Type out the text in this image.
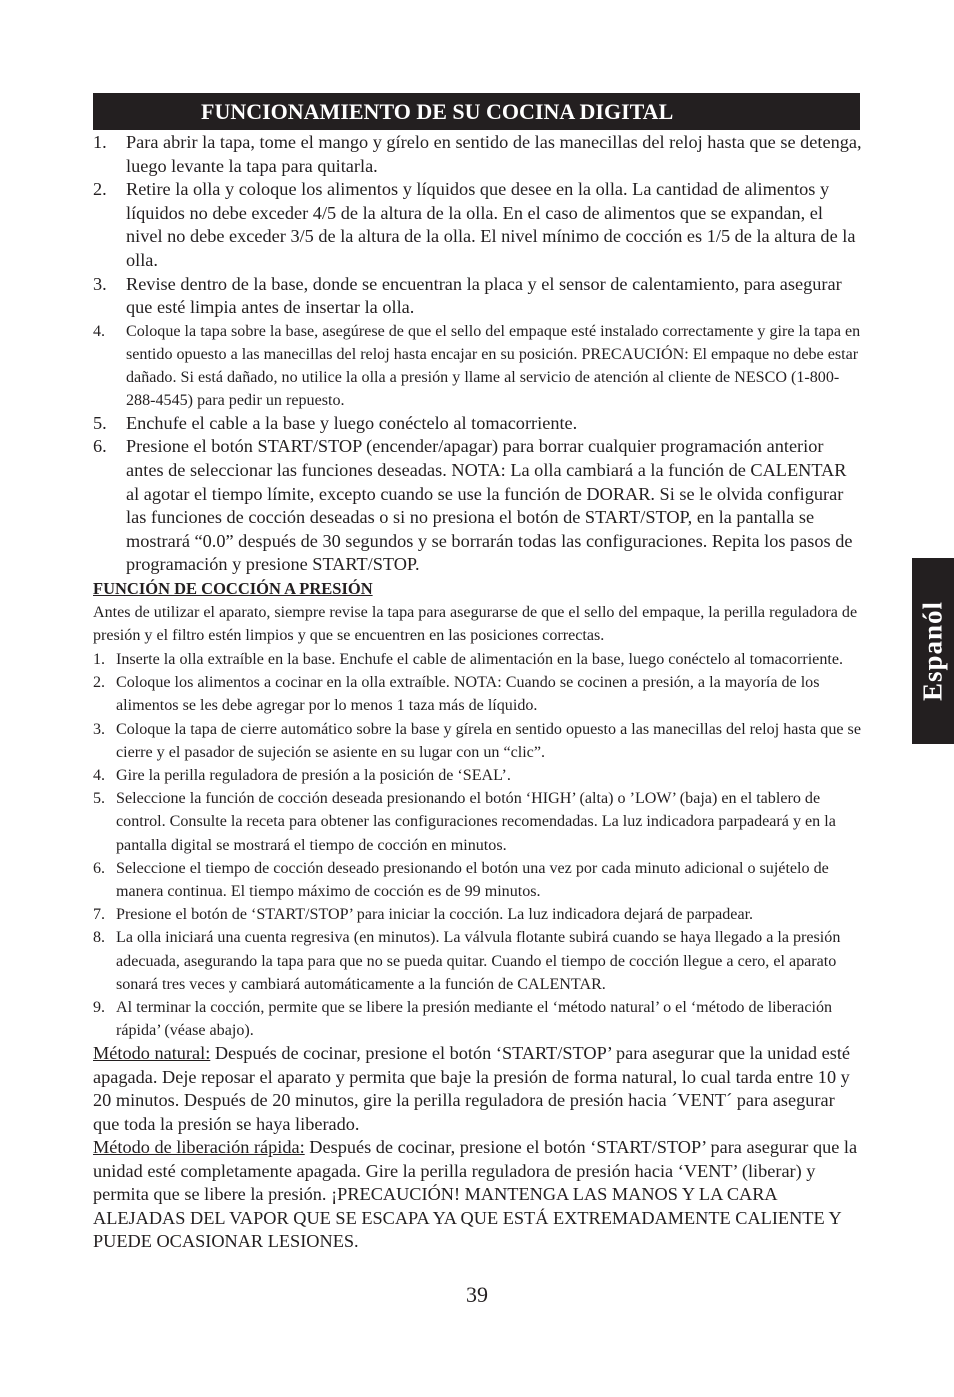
FUNCIONAMIENTO DE SU COCINA DIGITAL
Espanól
1. Para abrir la tapa, tome el mango y gírelo en sentido de las manecillas del reloj hasta que se detenga, luego levante la tapa para quitarla.
2. Retire la olla y coloque los alimentos y líquidos que desee en la olla. La cantidad de alimentos y líquidos no debe exceder 4/5 de la altura de la olla. En el caso de alimentos que se expandan, el nivel no debe exceder 3/5 de la altura de la olla. El nivel mínimo de cocción es 1/5 de la altura de la olla.
3. Revise dentro de la base, donde se encuentran la placa y el sensor de calentamiento, para asegurar que esté limpia antes de insertar la olla.
4. Coloque la tapa sobre la base, asegúrese de que el sello del empaque esté instalado correctamente y gire la tapa en sentido opuesto a las manecillas del reloj hasta encajar en su posición. PRECAUCIÓN: El empaque no debe estar dañado. Si está dañado, no utilice la olla a presión y llame al servicio de atención al cliente de NESCO (1-800-288-4545) para pedir un repuesto.
5. Enchufe el cable a la base y luego conéctelo al tomacorriente.
6. Presione el botón START/STOP (encender/apagar) para borrar cualquier programación anterior antes de seleccionar las funciones deseadas. NOTA: La olla cambiará a la función de CALENTAR al agotar el tiempo límite, excepto cuando se use la función de DORAR. Si se le olvida configurar las funciones de cocción deseadas o si no presiona el botón de START/STOP, en la pantalla se mostrará “0.0” después de 30 segundos y se borrarán todas las configuraciones. Repita los pasos de programación y presione START/STOP.
FUNCIÓN DE COCCIÓN A PRESIÓN
Antes de utilizar el aparato, siempre revise la tapa para asegurarse de que el sello del empaque, la perilla reguladora de presión y el filtro estén limpios y que se encuentren en las posiciones correctas.
1. Inserte la olla extraíble en la base. Enchufe el cable de alimentación en la base, luego conéctelo al tomacorriente.
2. Coloque los alimentos a cocinar en la olla extraíble. NOTA: Cuando se cocinen a presión, a la mayoría de los alimentos se les debe agregar por lo menos 1 taza más de líquido.
3. Coloque la tapa de cierre automático sobre la base y gírela en sentido opuesto a las manecillas del reloj hasta que se cierre y el pasador de sujeción se asiente en su lugar con un “clic”.
4. Gire la perilla reguladora de presión a la posición de ‘SEAL’.
5. Seleccione la función de cocción deseada presionando el botón ‘HIGH’ (alta) o ’LOW’ (baja) en el tablero de control. Consulte la receta para obtener las configuraciones recomendadas. La luz indicadora parpadeará y en la pantalla digital se mostrará el tiempo de cocción en minutos.
6. Seleccione el tiempo de cocción deseado presionando el botón una vez por cada minuto adicional o sujételo de manera continua. El tiempo máximo de cocción es de 99 minutos.
7. Presione el botón de ‘START/STOP’ para iniciar la cocción. La luz indicadora dejará de parpadear.
8. La olla iniciará una cuenta regresiva (en minutos). La válvula flotante subirá cuando se haya llegado a la presión adecuada, asegurando la tapa para que no se pueda quitar. Cuando el tiempo de cocción llegue a cero, el aparato sonará tres veces y cambiará automáticamente a la función de CALENTAR.
9. Al terminar la cocción, permite que se libere la presión mediante el ‘método natural’ o el ‘método de liberación rápida’ (véase abajo).
Método natural: Después de cocinar, presione el botón ‘START/STOP’ para asegurar que la unidad esté apagada. Deje reposar el aparato y permita que baje la presión de forma natural, lo cual tarda entre 10 y 20 minutos. Después de 20 minutos, gire la perilla reguladora de presión hacia ´VENT´ para asegurar que toda la presión se haya liberado.
Método de liberación rápida: Después de cocinar, presione el botón ‘START/STOP’ para asegurar que la unidad esté completamente apagada. Gire la perilla reguladora de presión hacia ‘VENT’ (liberar) y permita que se libere la presión. ¡PRECAUCIÓN! MANTENGA LAS MANOS Y LA CARA ALEJADAS DEL VAPOR QUE SE ESCAPA YA QUE ESTÁ EXTREMADAMENTE CALIENTE Y PUEDE OCASIONAR LESIONES.
39
